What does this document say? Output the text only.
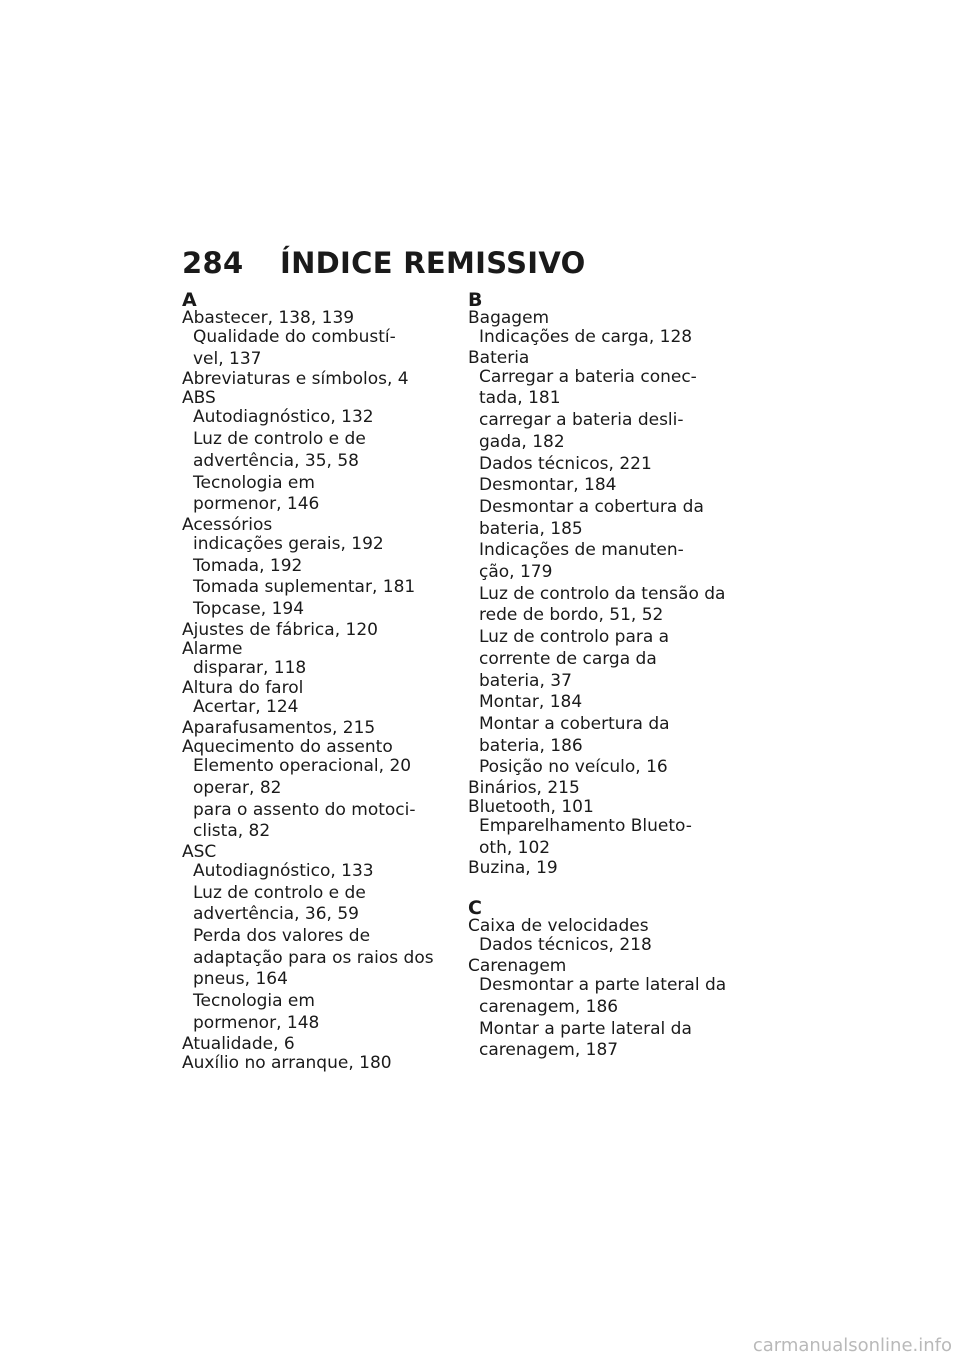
284 ÍNDICE REMISSIVO
A
Abastecer, 138, 139
Qualidade do combustí-
vel, 137
Abreviaturas e símbolos, 4
ABS
Autodiagnóstico, 132
Luz de controlo e de
advertência, 35, 58
Tecnologia em
pormenor, 146
Acessórios
indicações gerais, 192
Tomada, 192
Tomada suplementar, 181
Topcase, 194
Ajustes de fábrica, 120
Alarme
disparar, 118
Altura do farol
Acertar, 124
Aparafusamentos, 215
Aquecimento do assento
Elemento operacional, 20
operar, 82
para o assento do motoci-
clista, 82
ASC
Autodiagnóstico, 133
Luz de controlo e de
advertência, 36, 59
Perda dos valores de
adaptação para os raios dos
pneus, 164
Tecnologia em
pormenor, 148
Atualidade, 6
Auxílio no arranque, 180
B
Bagagem
Indicações de carga, 128
Bateria
Carregar a bateria conec-
tada, 181
carregar a bateria desli-
gada, 182
Dados técnicos, 221
Desmontar, 184
Desmontar a cobertura da
bateria, 185
Indicações de manuten-
ção, 179
Luz de controlo da tensão da
rede de bordo, 51, 52
Luz de controlo para a
corrente de carga da
bateria, 37
Montar, 184
Montar a cobertura da
bateria, 186
Posição no veículo, 16
Binários, 215
Bluetooth, 101
Emparelhamento Blueto-
oth, 102
Buzina, 19
C
Caixa de velocidades
Dados técnicos, 218
Carenagem
Desmontar a parte lateral da
carenagem, 186
Montar a parte lateral da
carenagem, 187
carmanualsonline.info
